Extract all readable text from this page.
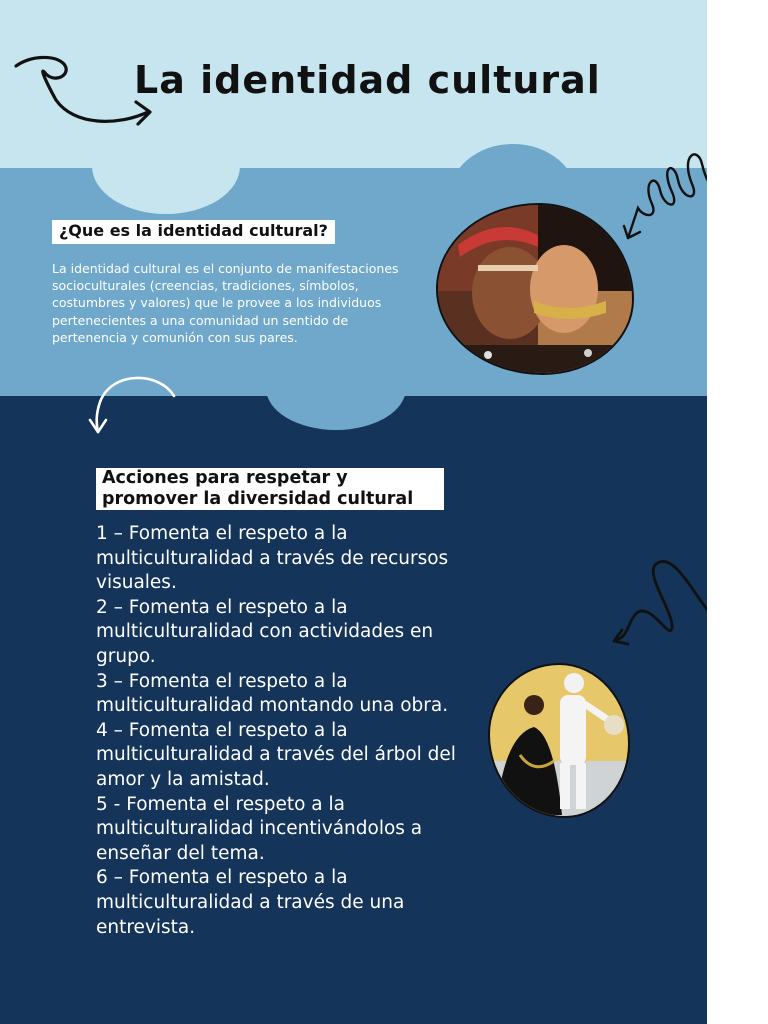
La identidad cultural
¿Que es la identidad cultural?

La identidad cultural es el conjunto de manifestaciones socioculturales (creencias, tradiciones, símbolos, costumbres y valores) que le provee a los individuos pertenecientes a una comunidad un sentido de pertenencia y comunión con sus pares.

Acciones para respetar y promover la diversidad cultural
1 – Fomenta el respeto a la multiculturalidad a través de recursos visuales.
2 – Fomenta el respeto a la multiculturalidad con actividades en grupo.
3 – Fomenta el respeto a la multiculturalidad montando una obra.
4 – Fomenta el respeto a la multiculturalidad a través del árbol del amor y la amistad.
5 - Fomenta el respeto a la multiculturalidad incentivándolos a enseñar del tema.
6 – Fomenta el respeto a la multiculturalidad a través de una entrevista.
